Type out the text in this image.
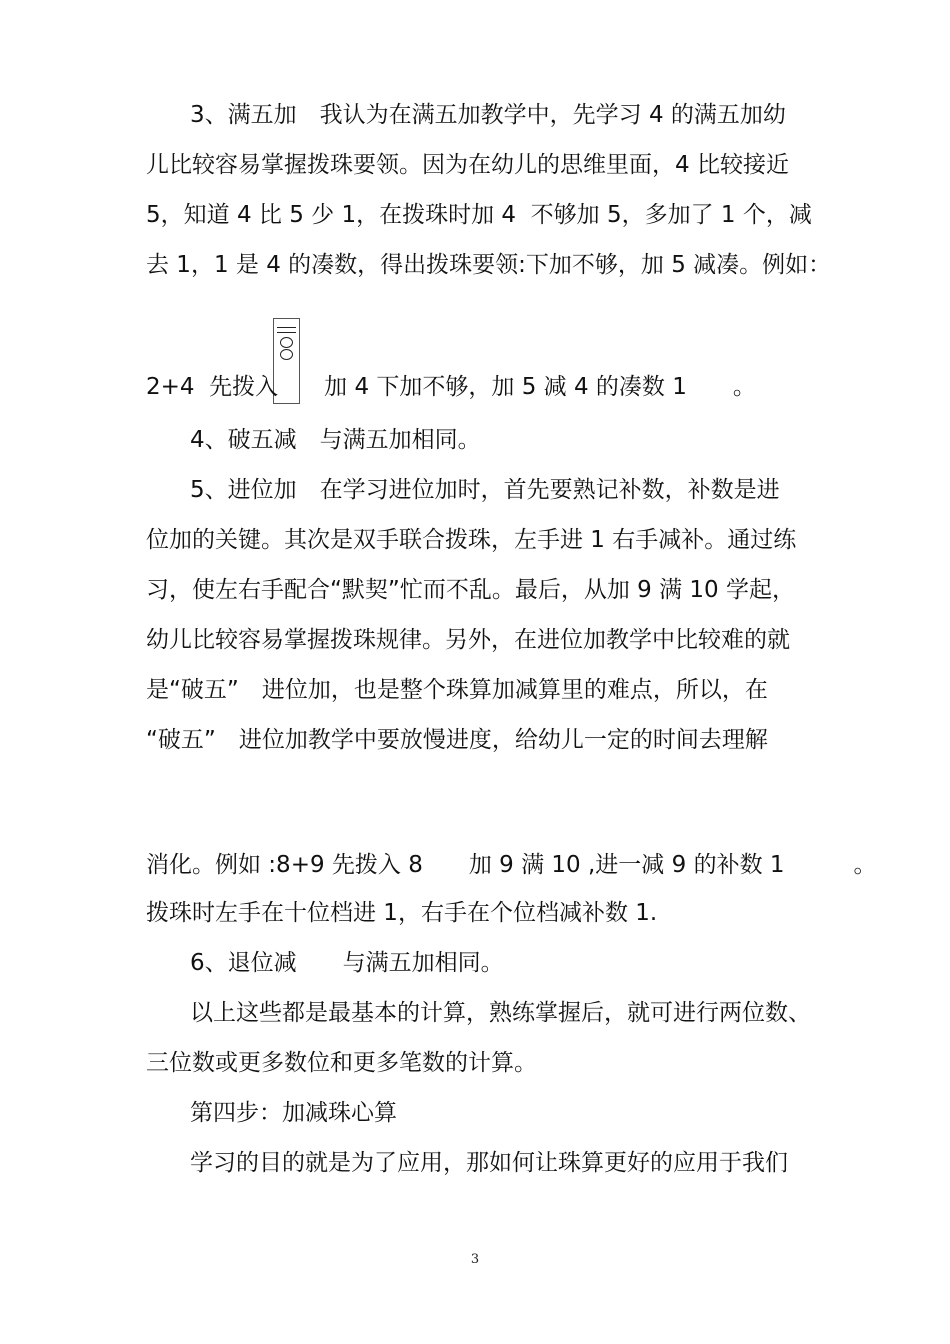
3、满五加　我认为在满五加教学中，先学习 4 的满五加幼
儿比较容易掌握拨珠要领。因为在幼儿的思维里面，4 比较接近
5，知道 4 比 5 少 1，在拨珠时加 4  不够加 5，多加了 1 个，减
去 1，1 是 4 的凑数，得出拨珠要领:下加不够，加 5 减凑。例如：
2+4  先拨入　　加 4 下加不够，加 5 减 4 的凑数 1　　。
4、破五减　与满五加相同。
5、进位加　在学习进位加时，首先要熟记补数，补数是进
位加的关键。其次是双手联合拨珠，左手进 1 右手减补。通过练
习，使左右手配合“默契”忙而不乱。最后，从加 9 满 10 学起，
幼儿比较容易掌握拨珠规律。另外，在进位加教学中比较难的就
是“破五”　进位加，也是整个珠算加减算里的难点，所以，在
“破五”　进位加教学中要放慢进度，给幼儿一定的时间去理解
消化。例如 :8+9 先拨入 8　　加 9 满 10 ,进一减 9 的补数 1　　　。
拨珠时左手在十位档进 1，右手在个位档减补数 1.
6、退位减　　与满五加相同。
以上这些都是最基本的计算，熟练掌握后，就可进行两位数、
三位数或更多数位和更多笔数的计算。
第四步：加减珠心算
学习的目的就是为了应用，那如何让珠算更好的应用于我们
3
